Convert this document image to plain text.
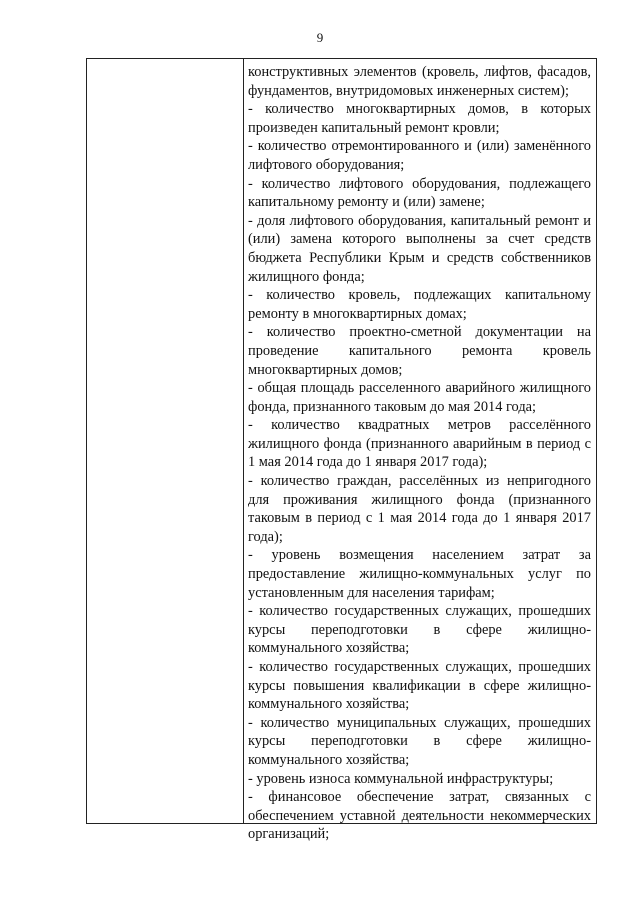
9

конструктивных элементов (кровель, лифтов, фасадов, фундаментов, внутридомовых инженерных систем);

- количество многоквартирных домов, в которых произведен капитальный ремонт кровли;

- количество отремонтированного и (или) заменённого лифтового оборудования;

- количество лифтового оборудования, подлежащего капитальному ремонту и (или) замене;

- доля лифтового оборудования, капитальный ремонт и (или) замена которого выполнены за счет средств бюджета Республики Крым и средств собственников жилищного фонда;

- количество кровель, подлежащих капитальному ремонту в многоквартирных домах;

- количество проектно-сметной документации на проведение капитального ремонта кровель многоквартирных домов;

- общая площадь расселенного аварийного жилищного фонда, признанного таковым до мая 2014 года;

- количество квадратных метров расселённого жилищного фонда (признанного аварийным в период с 1 мая 2014 года до 1 января 2017 года);

- количество граждан, расселённых из непригодного для проживания жилищного фонда (признанного таковым в период с 1 мая 2014 года до 1 января 2017 года);

- уровень возмещения населением затрат за предоставление жилищно-коммунальных услуг по установленным для населения тарифам;

- количество государственных служащих, прошедших курсы переподготовки в сфере жилищно-коммунального хозяйства;

- количество государственных служащих, прошедших курсы повышения квалификации в сфере жилищно-коммунального хозяйства;

- количество муниципальных служащих, прошедших курсы переподготовки в сфере жилищно-коммунального хозяйства;

- уровень износа коммунальной инфраструктуры;

- финансовое обеспечение затрат, связанных с обеспечением уставной деятельности некоммерческих организаций;
